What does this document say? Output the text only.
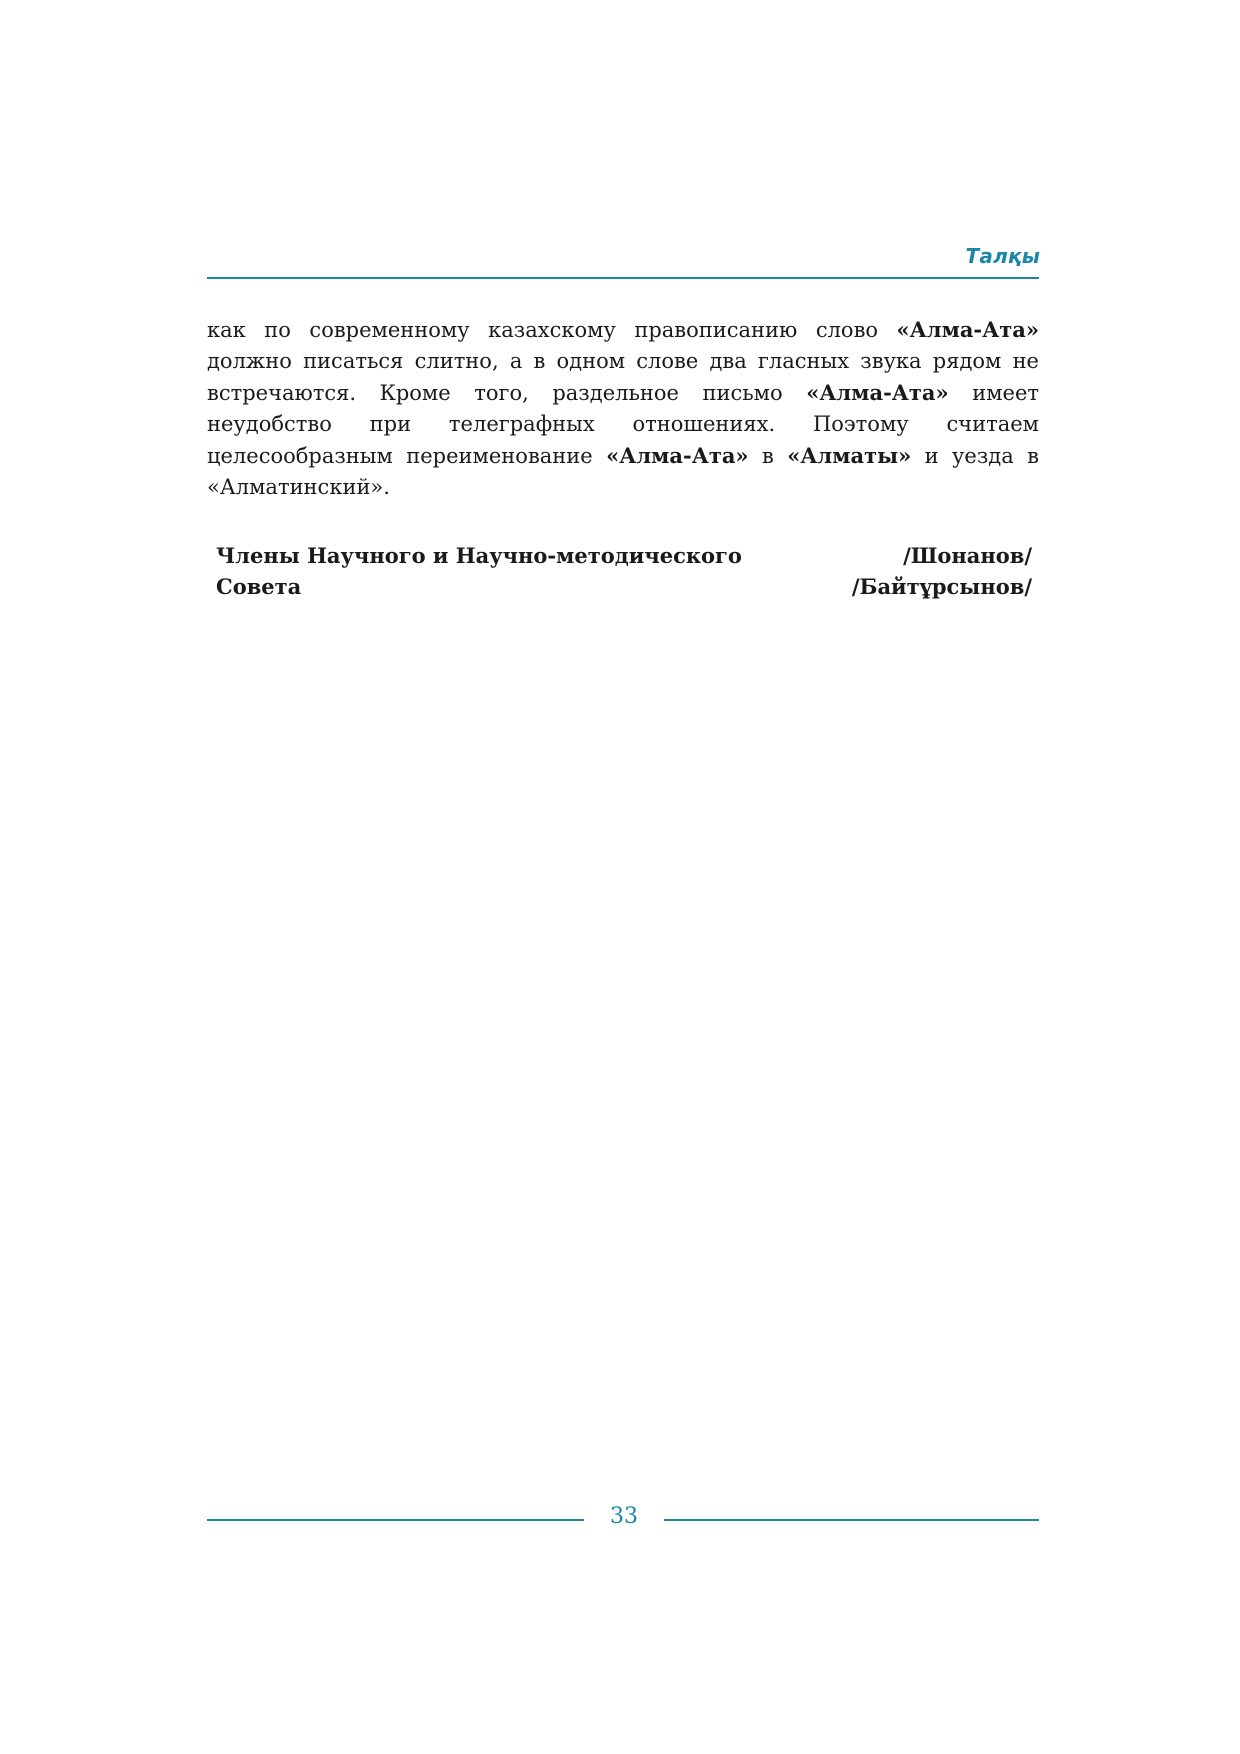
Талқы

как по современному казахскому правописанию слово «Алма-Ата» должно писаться слитно, а в одном слове два гласных звука рядом не встречаются. Кроме того, раздельное письмо «Алма-Ата» имеет неудобство при телеграфных отношениях. Поэтому считаем целесообразным переименование «Алма-Ата» в «Алматы» и уезда в «Алматинский».

Члены Научного и Научно-методического	/Шонанов/
Совета	/Байтұрсынов/
33
